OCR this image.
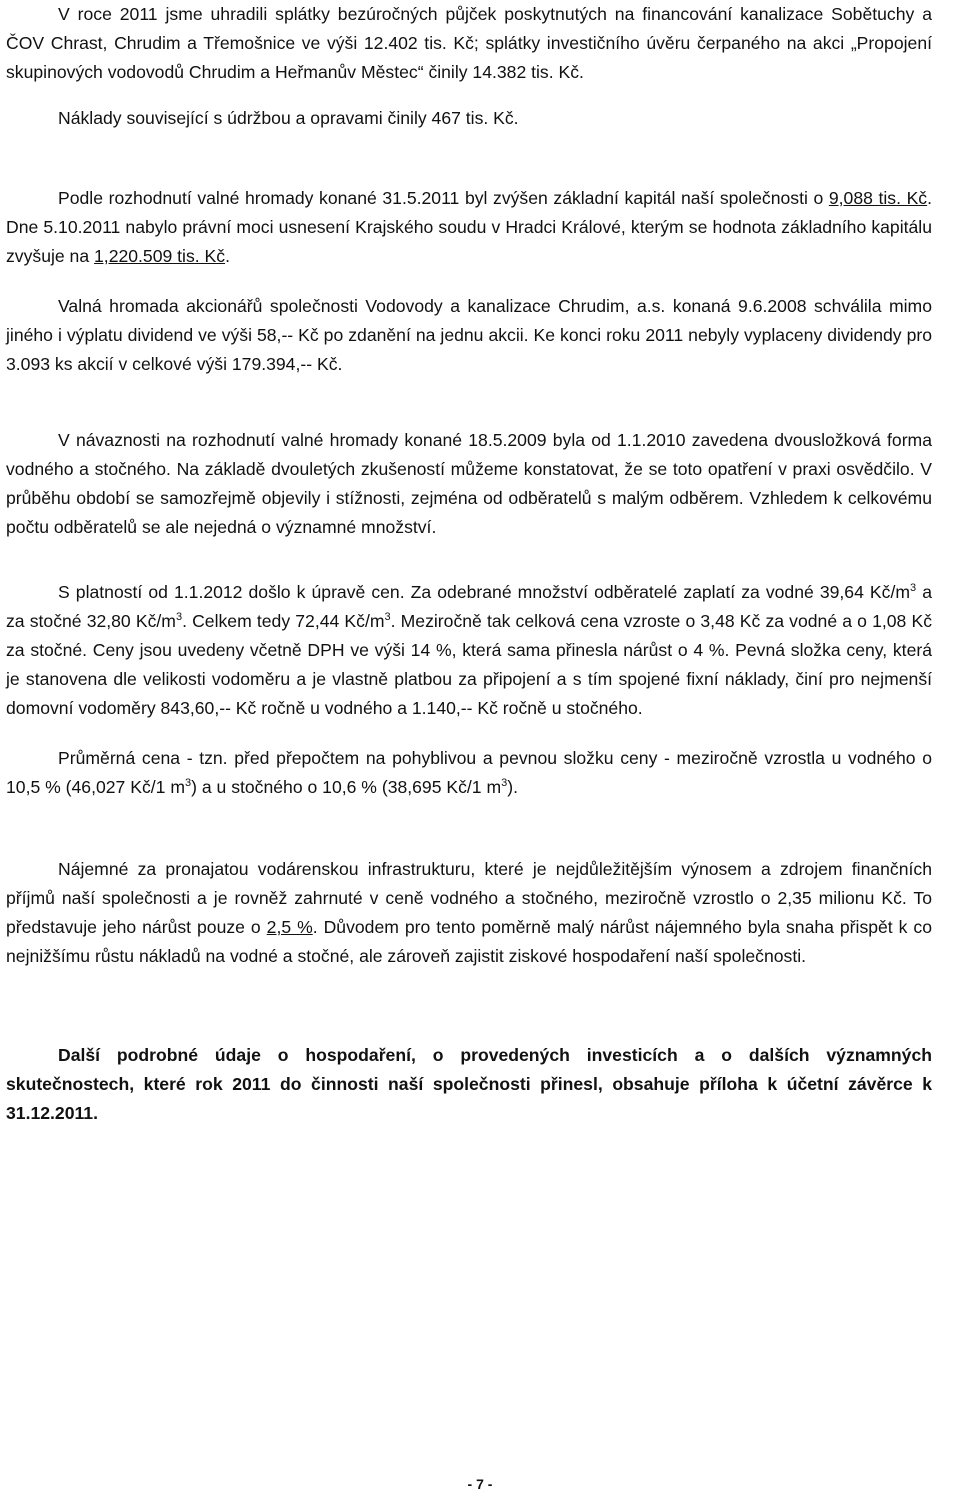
V roce 2011 jsme uhradili splátky bezúročných půjček poskytnutých na financování kanalizace Sobětuchy a ČOV Chrast, Chrudim a Třemošnice ve výši 12.402 tis. Kč; splátky investičního úvěru čerpaného na akci „Propojení skupinových vodovodů Chrudim a Heřmanův Městec“ činily 14.382 tis. Kč.

Náklady související s údržbou a opravami činily 467 tis. Kč.

Podle rozhodnutí valné hromady konané 31.5.2011 byl zvýšen základní kapitál naší společnosti o 9,088 tis. Kč. Dne 5.10.2011 nabylo právní moci usnesení Krajského soudu v Hradci Králové, kterým se hodnota základního kapitálu zvyšuje na 1,220.509 tis. Kč.

Valná hromada akcionářů společnosti Vodovody a kanalizace Chrudim, a.s. konaná 9.6.2008 schválila mimo jiného i výplatu dividend ve výši 58,-- Kč po zdanění na jednu akcii. Ke konci roku 2011 nebyly vyplaceny dividendy pro 3.093 ks akcií v celkové výši 179.394,-- Kč.

V návaznosti na rozhodnutí valné hromady konané 18.5.2009 byla od 1.1.2010 zavedena dvousložková forma vodného a stočného. Na základě dvouletých zkušeností můžeme konstatovat, že se toto opatření v praxi osvědčilo. V průběhu období se samozřejmě objevily i stížnosti, zejména od odběratelů s malým odběrem. Vzhledem k celkovému počtu odběratelů se ale nejedná o významné množství.

S platností od 1.1.2012 došlo k úpravě cen. Za odebrané množství odběratelé zaplatí za vodné 39,64 $Kč/m^3$ a za stočné 32,80 $Kč/m^3$. Celkem tedy 72,44 $Kč/m^3$. Meziročně tak celková cena vzroste o 3,48 Kč za vodné a o 1,08 Kč za stočné. Ceny jsou uvedeny včetně DPH ve výši 14 %, která sama přinesla nárůst o 4 %. Pevná složka ceny, která je stanovena dle velikosti vodoměru a je vlastně platbou za připojení a s tím spojené fixní náklady, činí pro nejmenší domovní vodoměry 843,60,-- Kč ročně u vodného a 1.140,-- Kč ročně u stočného.

Průměrná cena - tzn. před přepočtem na pohyblivou a pevnou složku ceny - meziročně vzrostla u vodného o 10,5 % (46,027 Kč/1 $m^3$) a u stočného o 10,6 % (38,695 Kč/1 $m^3$).

Nájemné za pronajatou vodárenskou infrastrukturu, které je nejdůležitějším výnosem a zdrojem finančních příjmů naší společnosti a je rovněž zahrnuté v ceně vodného a stočného, meziročně vzrostlo o 2,35 milionu Kč. To představuje jeho nárůst pouze o 2,5 %. Důvodem pro tento poměrně malý nárůst nájemného byla snaha přispět k co nejnižšímu růstu nákladů na vodné a stočné, ale zároveň zajistit ziskové hospodaření naší společnosti.

Další podrobné údaje o hospodaření, o provedených investicích a o dalších významných skutečnostech, které rok 2011 do činnosti naší společnosti přinesl, obsahuje příloha k účetní závěrce k 31.12.2011.

- 7 -
